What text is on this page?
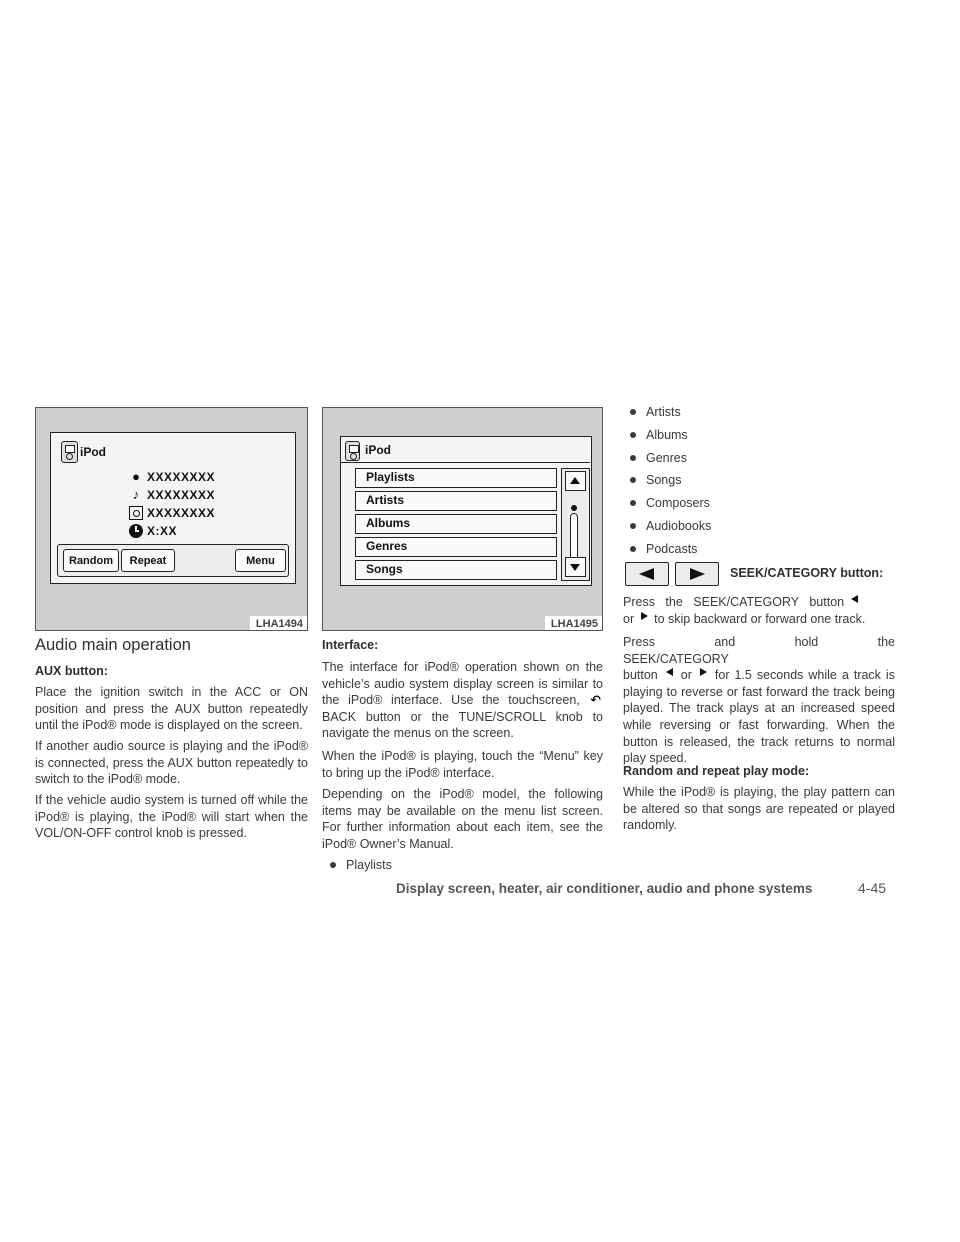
iPod
● XXXXXXXX
♪ XXXXXXXX
XXXXXXXX
X:XX
Random	Repeat	Menu
LHA1494
iPod
Playlists
Artists
Albums
Genres
Songs
LHA1495
Audio main operation
AUX button:

Place the ignition switch in the ACC or ON position and press the AUX button repeatedly until the iPod® mode is displayed on the screen.

If another audio source is playing and the iPod® is connected, press the AUX button repeatedly to switch to the iPod® mode.

If the vehicle audio system is turned off while the iPod® is playing, the iPod® will start when the VOL/ON-OFF control knob is pressed.

Interface:

The interface for iPod® operation shown on the vehicle’s audio system display screen is similar to the iPod® interface. Use the touchscreen, ↶ BACK button or the TUNE/SCROLL knob to navigate the menus on the screen.

When the iPod® is playing, touch the “Menu” key to bring up the iPod® interface.

Depending on the iPod® model, the following items may be available on the menu list screen. For further information about each item, see the iPod® Owner’s Manual.

Playlists
Artists
Albums
Genres
Songs
Composers
Audiobooks
Podcasts
SEEK/CATEGORY button:

Press the SEEK/CATEGORY button
or to skip backward or forward one track.

Press and hold the SEEK/CATEGORY
button or for 1.5 seconds while a track is playing to reverse or fast forward the track being played. The track plays at an increased speed while reversing or fast forwarding. When the button is released, the track returns to normal play speed.

Random and repeat play mode:

While the iPod® is playing, the play pattern can be altered so that songs are repeated or played randomly.

Display screen, heater, air conditioner, audio and phone systems	4-45
